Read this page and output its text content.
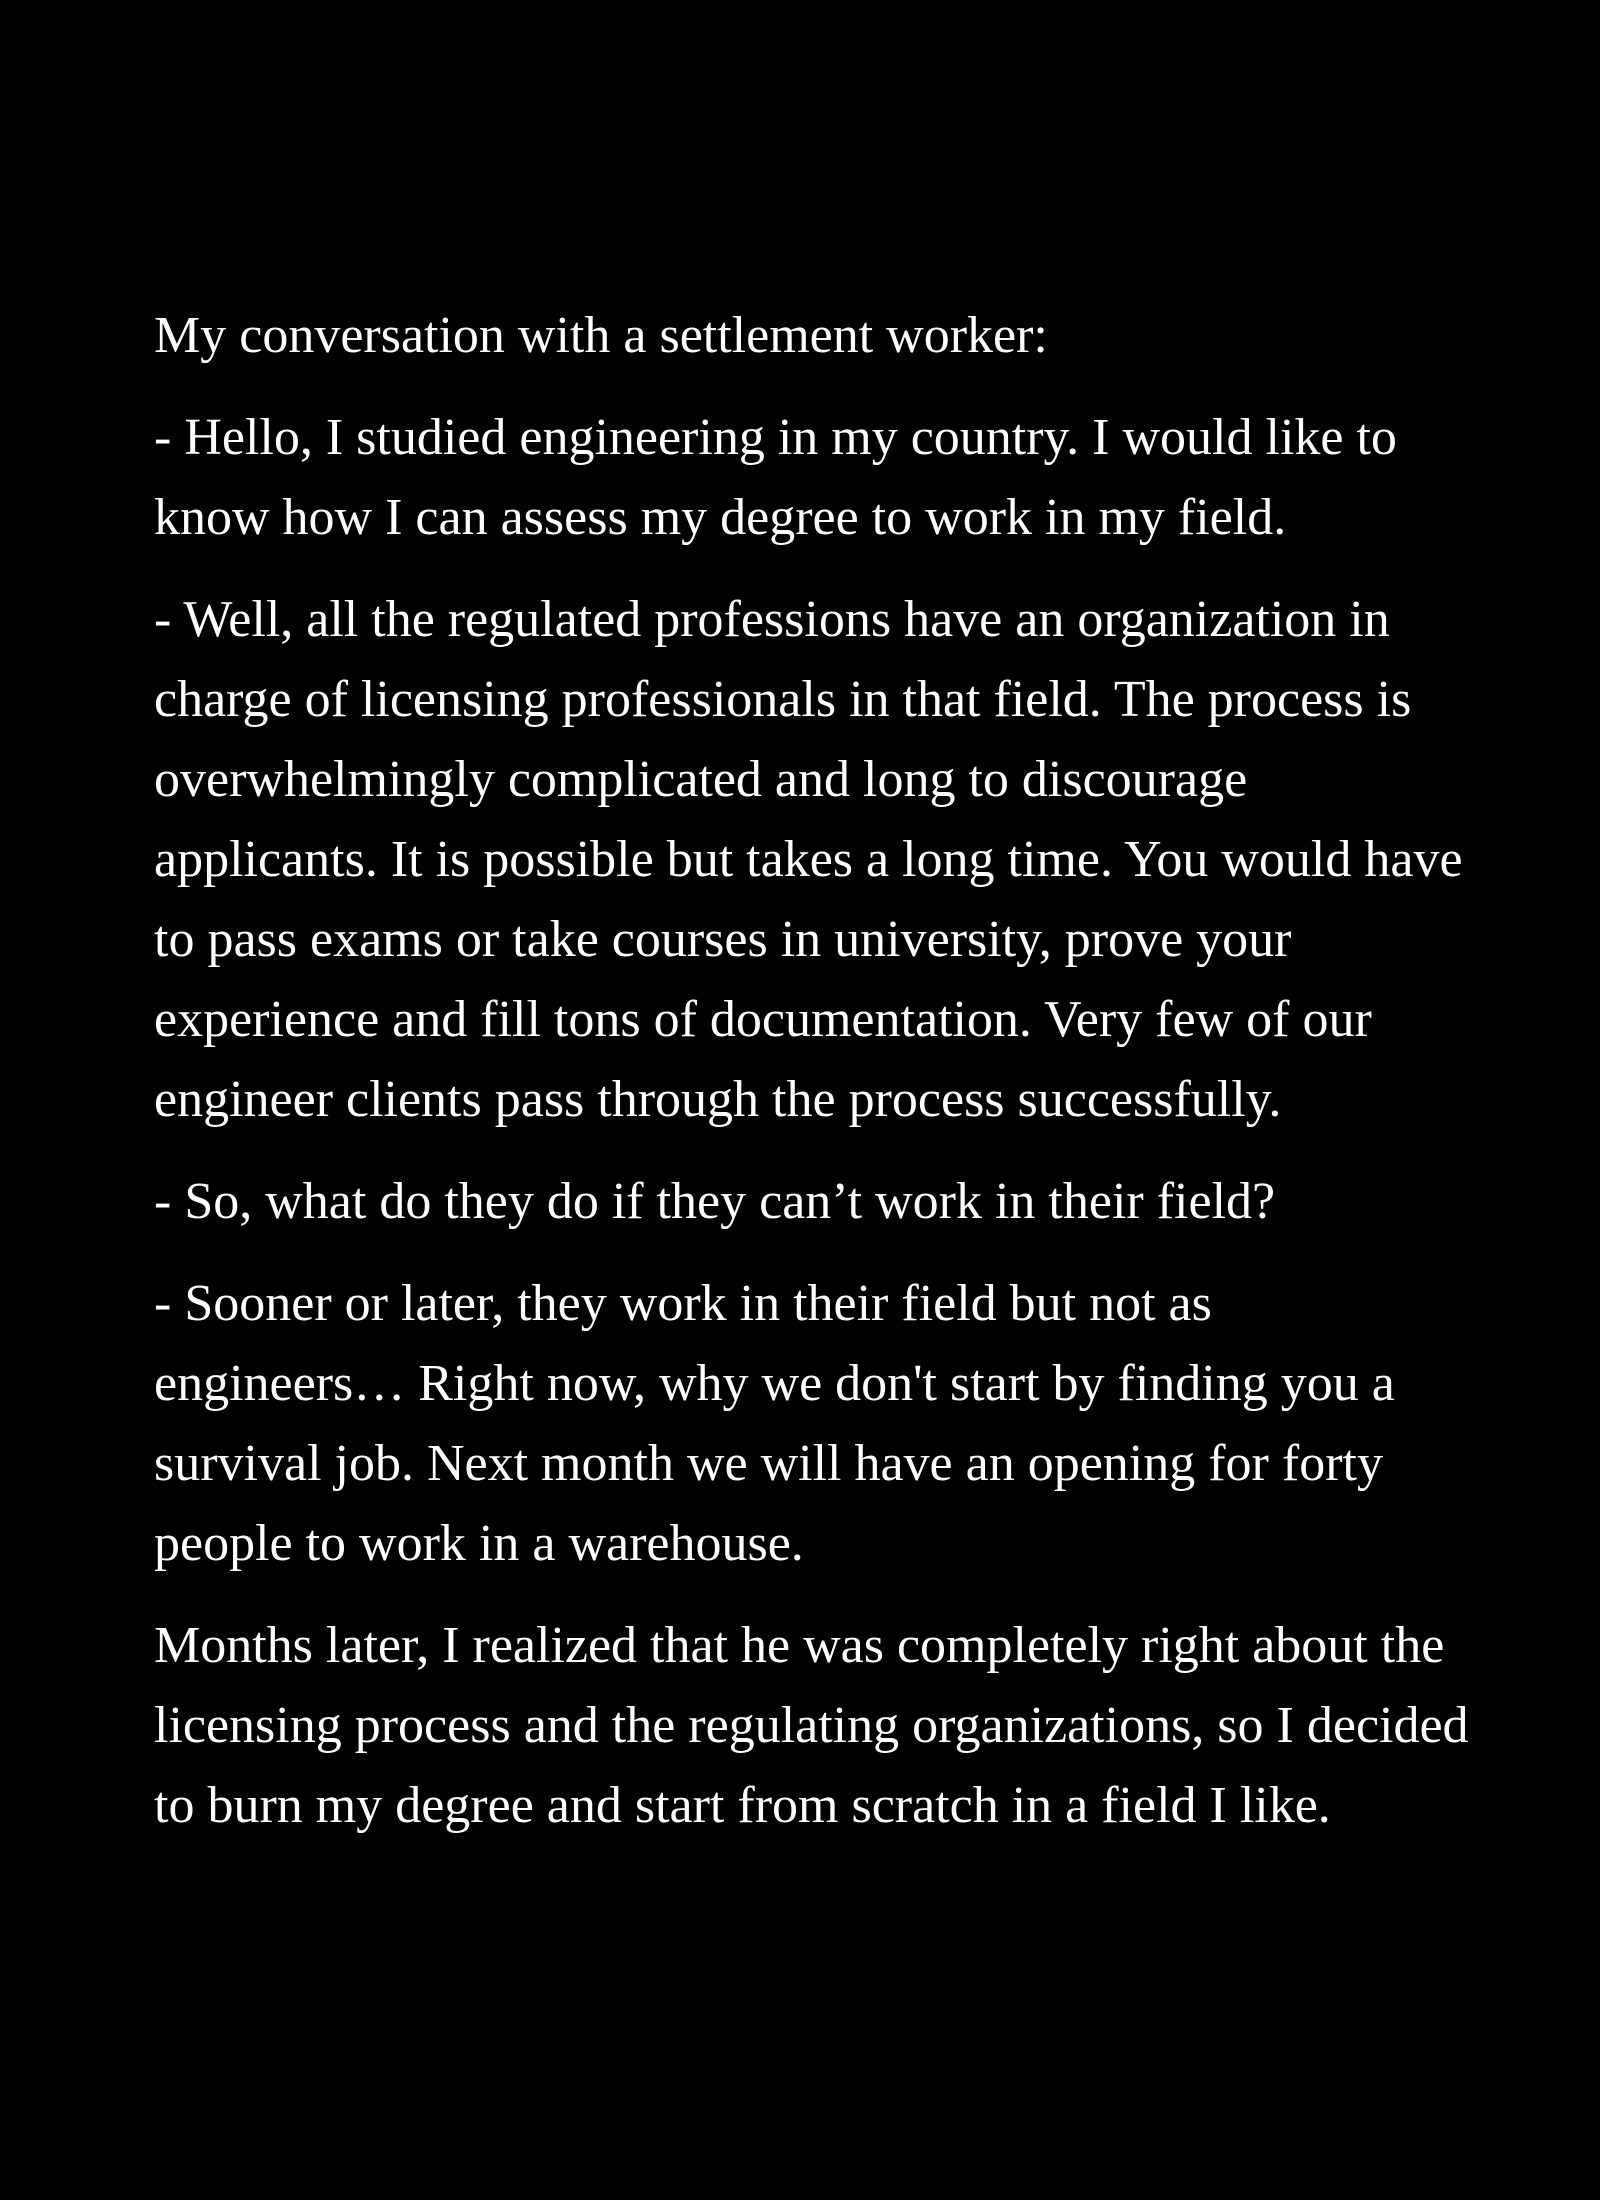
My conversation with a settlement worker:

- Hello, I studied engineering in my country. I would like to know how I can assess my degree to work in my field.

- Well, all the regulated professions have an organization in charge of licensing professionals in that field. The process is overwhelmingly complicated and long to discourage applicants. It is possible but takes a long time. You would have to pass exams or take courses in university, prove your experience and fill tons of documentation. Very few of our engineer clients pass through the process successfully.

- So, what do they do if they can’t work in their field?

- Sooner or later, they work in their field but not as engineers… Right now, why we don't start by finding you a survival job. Next month we will have an opening for forty people to work in a warehouse.

Months later, I realized that he was completely right about the licensing process and the regulating organizations, so I decided to burn my degree and start from scratch in a field I like.
